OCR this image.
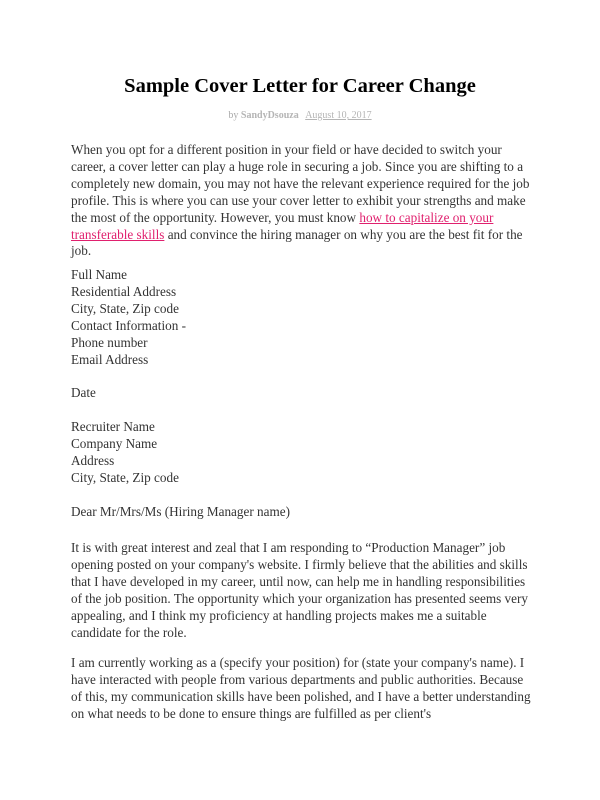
Sample Cover Letter for Career Change
by SandyDsouza August 10, 2017

When you opt for a different position in your field or have decided to switch your career, a cover letter can play a huge role in securing a job. Since you are shifting to a completely new domain, you may not have the relevant experience required for the job profile. This is where you can use your cover letter to exhibit your strengths and make the most of the opportunity. However, you must know how to capitalize on your transferable skills and convince the hiring manager on why you are the best fit for the job.

Full Name
Residential Address
City, State, Zip code
Contact Information -
Phone number
Email Address
Date
Recruiter Name
Company Name
Address
City, State, Zip code
Dear Mr/Mrs/Ms (Hiring Manager name)

It is with great interest and zeal that I am responding to “Production Manager” job opening posted on your company's website. I firmly believe that the abilities and skills that I have developed in my career, until now, can help me in handling responsibilities of the job position. The opportunity which your organization has presented seems very appealing, and I think my proficiency at handling projects makes me a suitable candidate for the role.

I am currently working as a (specify your position) for (state your company's name). I have interacted with people from various departments and public authorities. Because of this, my communication skills have been polished, and I have a better understanding on what needs to be done to ensure things are fulfilled as per client's
